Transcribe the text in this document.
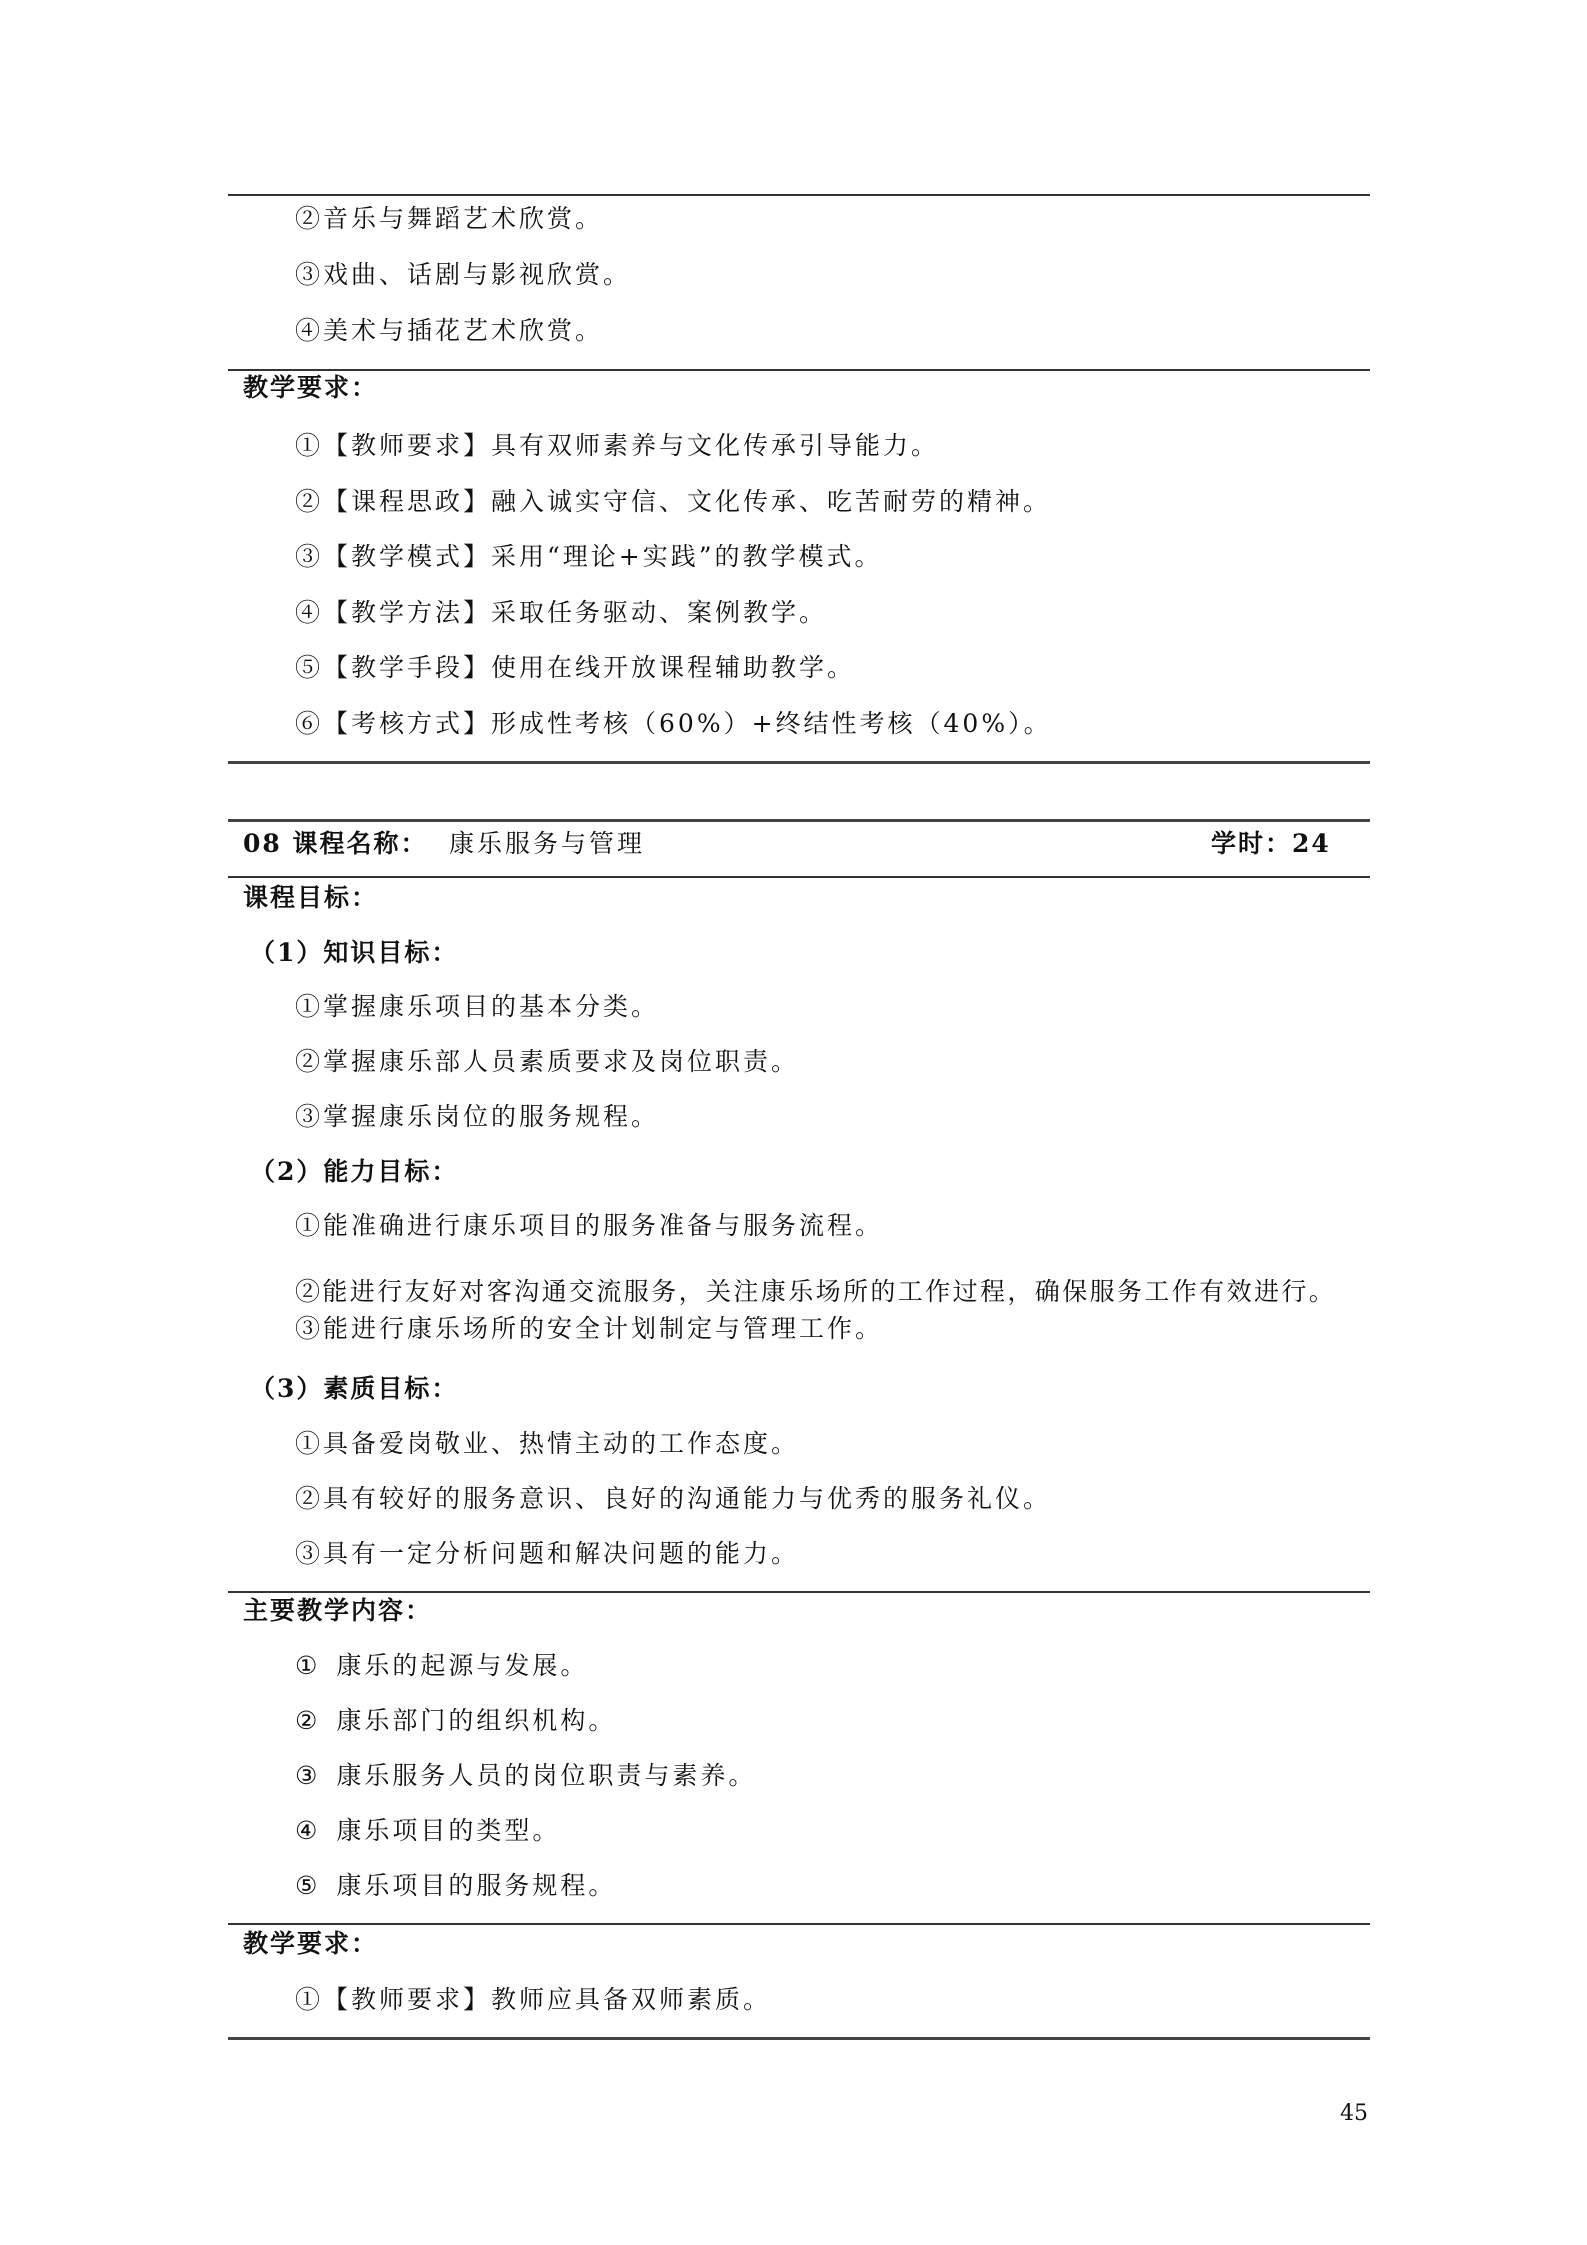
②音乐与舞蹈艺术欣赏。
③戏曲、话剧与影视欣赏。
④美术与插花艺术欣赏。
教学要求：
①【教师要求】具有双师素养与文化传承引导能力。
②【课程思政】融入诚实守信、文化传承、吃苦耐劳的精神。
③【教学模式】采用“理论+实践”的教学模式。
④【教学方法】采取任务驱动、案例教学。
⑤【教学手段】使用在线开放课程辅助教学。
⑥【考核方式】形成性考核（60%）+终结性考核（40%）。
08 课程名称： 康乐服务与管理	学时：24
课程目标：
（1）知识目标：
①掌握康乐项目的基本分类。
②掌握康乐部人员素质要求及岗位职责。
③掌握康乐岗位的服务规程。
（2）能力目标：
①能准确进行康乐项目的服务准备与服务流程。
②能进行友好对客沟通交流服务，关注康乐场所的工作过程，确保服务工作有效进行。
③能进行康乐场所的安全计划制定与管理工作。
（3）素质目标：
①具备爱岗敬业、热情主动的工作态度。
②具有较好的服务意识、良好的沟通能力与优秀的服务礼仪。
③具有一定分析问题和解决问题的能力。
主要教学内容：
① 康乐的起源与发展。
② 康乐部门的组织机构。
③ 康乐服务人员的岗位职责与素养。
④ 康乐项目的类型。
⑤ 康乐项目的服务规程。
教学要求：
①【教师要求】教师应具备双师素质。
45
